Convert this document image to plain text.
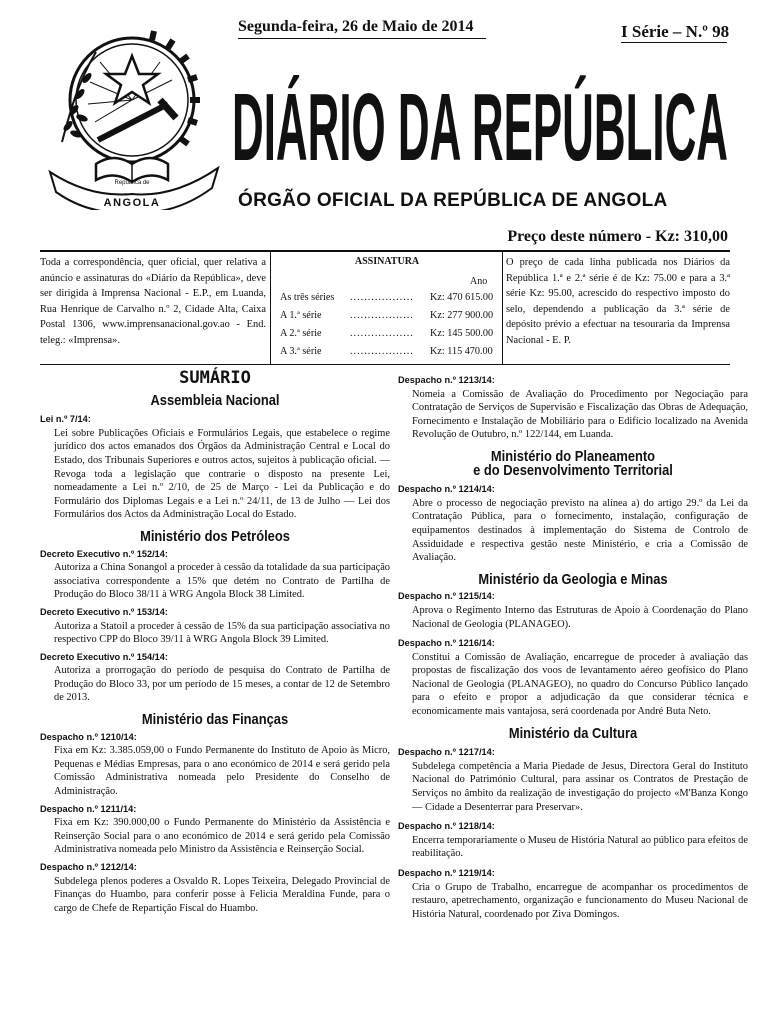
Segunda-feira, 26 de Maio de 2014	I Série – N.º 98
República de
ANGOLA
DIÁRIO DA REPÚBLICA
ÓRGÃO OFICIAL DA REPÚBLICA DE ANGOLA
Preço deste número - Kz: 310,00
Toda a correspondência, quer oficial, quer relativa a anúncio e assinaturas do «Diário da República», deve ser dirigida à Imprensa Nacional - E.P., em Luanda, Rua Henrique de Carvalho n.º 2, Cidade Alta, Caixa Postal 1306, www.imprensanacional.gov.ao - End. teleg.: «Imprensa».
ASSINATURA
Ano
As três séries .................. Kz: 470 615.00
A 1.ª série	.................. Kz: 277 900.00
A 2.ª série	.................. Kz: 145 500.00
A 3.ª série	.................. Kz: 115 470.00
O preço de cada linha publicada nos Diários da República 1.ª e 2.ª série é de Kz: 75.00 e para a 3.ª série Kz: 95.00, acrescido do respectivo imposto do selo, dependendo a publicação da 3.ª série de depósito prévio a efectuar na tesouraria da Imprensa Nacional - E. P.
SUMÁRIO
Assembleia Nacional
Lei n.º 7/14:
Lei sobre Publicações Oficiais e Formulários Legais, que estabelece o regime jurídico dos actos emanados dos Órgãos da Administração Central e Local do Estado, dos Tribunais Superiores e outros actos, sujeitos à publicação oficial. — Revoga toda a legislação que contrarie o disposto na presente Lei, nomeadamente a Lei n.º 2/10, de 25 de Março - Lei da Publicação e do Formulário dos Diplomas Legais e a Lei n.º 24/11, de 13 de Julho — Lei dos Formulários dos Actos da Administração Local do Estado.
Ministério dos Petróleos
Decreto Executivo n.º 152/14:
Autoriza a China Sonangol a proceder à cessão da totalidade da sua participação associativa correspondente a 15% que detém no Contrato de Partilha de Produção do Bloco 38/11 à WRG Angola Block 38 Limited.
Decreto Executivo n.º 153/14:
Autoriza a Statoil a proceder à cessão de 15% da sua participação associativa no respectivo CPP do Bloco 39/11 à WRG Angola Block 39 Limited.
Decreto Executivo n.º 154/14:
Autoriza a prorrogação do período de pesquisa do Contrato de Partilha de Produção do Bloco 33, por um período de 15 meses, a contar de 12 de Setembro de 2013.
Ministério das Finanças
Despacho n.º 1210/14:
Fixa em Kz: 3.385.059,00 o Fundo Permanente do Instituto de Apoio às Micro, Pequenas e Médias Empresas, para o ano económico de 2014 e será gerido pela Comissão Administrativa nomeada pelo Presidente do Conselho de Administração.
Despacho n.º 1211/14:
Fixa em Kz: 390.000,00 o Fundo Permanente do Ministério da Assistência e Reinserção Social para o ano económico de 2014 e será gerido pela Comissão Administrativa nomeada pelo Ministro da Assistência e Reinserção Social.
Despacho n.º 1212/14:
Subdelega plenos poderes a Osvaldo R. Lopes Teixeira, Delegado Provincial de Finanças do Huambo, para conferir posse à Felicia Meraldina Funde, para o cargo de Chefe de Repartição Fiscal do Huambo.
Despacho n.º 1213/14:
Nomeia a Comissão de Avaliação do Procedimento por Negociação para Contratação de Serviços de Supervisão e Fiscalização das Obras de Adequação, Fornecimento e Instalação de Mobiliário para o Edifício localizado na Avenida Revolução de Outubro, n.º 122/144, em Luanda.
Ministério do Planeamento
e do Desenvolvimento Territorial
Despacho n.º 1214/14:
Abre o processo de negociação previsto na alínea a) do artigo 29.º da Lei da Contratação Pública, para o fornecimento, instalação, configuração de equipamentos destinados à implementação do Sistema de Controlo de Assiduidade e respectiva gestão neste Ministério, e cria a Comissão de Avaliação.
Ministério da Geologia e Minas
Despacho n.º 1215/14:
Aprova o Regimento Interno das Estruturas de Apoio à Coordenação do Plano Nacional de Geologia (PLANAGEO).
Despacho n.º 1216/14:
Constitui a Comissão de Avaliação, encarregue de proceder à avaliação das propostas de fiscalização dos voos de levantamento aéreo geofísico do Plano Nacional de Geologia (PLANAGEO), no quadro do Concurso Público lançado para o efeito e propor a adjudicação da que considerar técnica e economicamente mais vantajosa, será coordenada por André Buta Neto.
Ministério da Cultura
Despacho n.º 1217/14:
Subdelega competência a Maria Piedade de Jesus, Directora Geral do Instituto Nacional do Património Cultural, para assinar os Contratos de Prestação de Serviços no âmbito da realização de investigação do projecto «M'Banza Kongo — Cidade a Desenterrar para Preservar».
Despacho n.º 1218/14:
Encerra temporariamente o Museu de História Natural ao público para efeitos de reabilitação.
Despacho n.º 1219/14:
Cria o Grupo de Trabalho, encarregue de acompanhar os procedimentos de restauro, apetrechamento, organização e funcionamento do Museu Nacional de História Natural, coordenado por Ziva Domingos.
